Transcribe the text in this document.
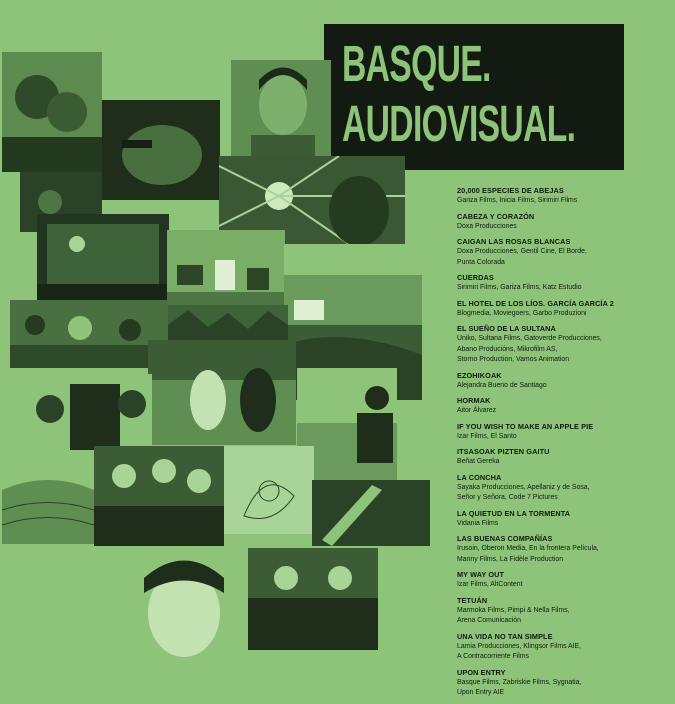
BASQUE.
AUDIOVISUAL.
20,000 ESPECIES DE ABEJAS
Gariza Films, Inicia Films, Sirimiri Films
CABEZA Y CORAZÓN
Doxa Producciones
CAIGAN LAS ROSAS BLANCAS
Doxa Producciones, Gentil Cine, El Borde,
Punta Colorada
CUERDAS
Sirimiri Films, Gariza Films, Katz Estudio
EL HOTEL DE LOS LÍOS. GARCÍA GARCÍA 2
Blogmedia, Moviegoers, Garbo Produzioni
EL SUEÑO DE LA SULTANA
Uniko, Sultana Films, Gatoverde Producciones,
Abano Producións, Mikrofilm AS,
Storno Production, Vamos Animation
EZOHIKOAK
Alejandra Bueno de Santiago
HORMAK
Aitor Álvarez
IF YOU WISH TO MAKE AN APPLE PIE
Izar Films, El Santo
ITSASOAK PIZTEN GAITU
Beñat Gereka
LA CONCHA
Sayaka Producciones, Apellaniz y de Sosa,
Señor y Señora, Code 7 Pictures
LA QUIETUD EN LA TORMENTA
Vidania Films
LAS BUENAS COMPAÑÍAS
Irusoin, Oberon Media, En la frontera Película,
Manny Films, La Fidèle Production
MY WAY OUT
Izar Films, AltContent
TETUÁN
Marmoka Films, Pimpi & Nella Films,
Arena Comunicación
UNA VIDA NO TAN SIMPLE
Lamia Producciones, Klingsor Films AIE,
A Contracorriente Films
UPON ENTRY
Basque Films, Zabriskie Films, Sygnatia,
Upon Entry AIE
